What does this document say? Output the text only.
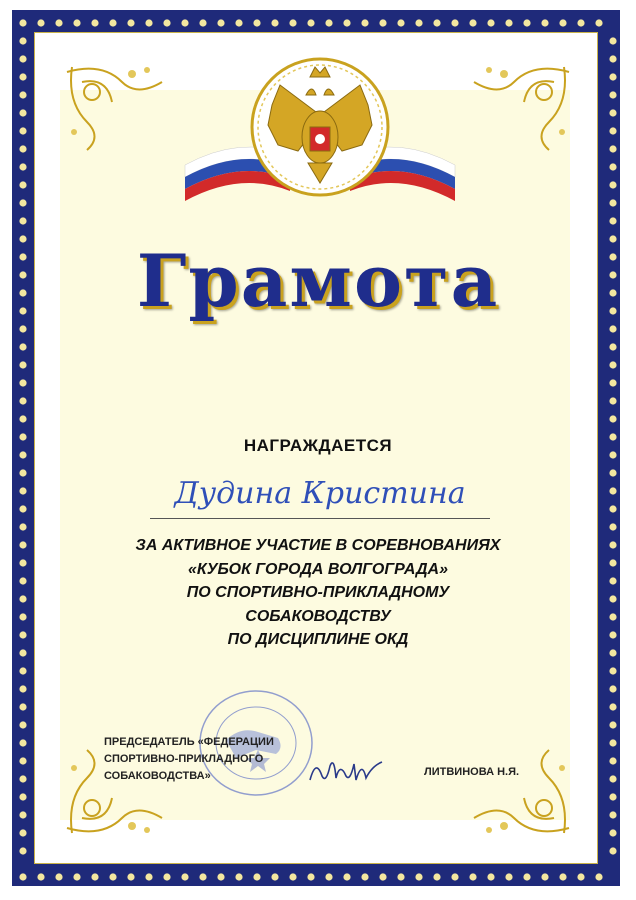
Грамота
НАГРАЖДАЕТСЯ
Дудина Кристина
ЗА АКТИВНОЕ УЧАСТИЕ В СОРЕВНОВАНИЯХ
«КУБОК ГОРОДА ВОЛГОГРАДА»
ПО СПОРТИВНО-ПРИКЛАДНОМУ
СОБАКОВОДСТВУ
ПО ДИСЦИПЛИНЕ ОКД
ПРЕДСЕДАТЕЛЬ «ФЕДЕРАЦИИ
СПОРТИВНО-ПРИКЛАДНОГО
СОБАКОВОДСТВА»	ЛИТВИНОВА Н.Я.
